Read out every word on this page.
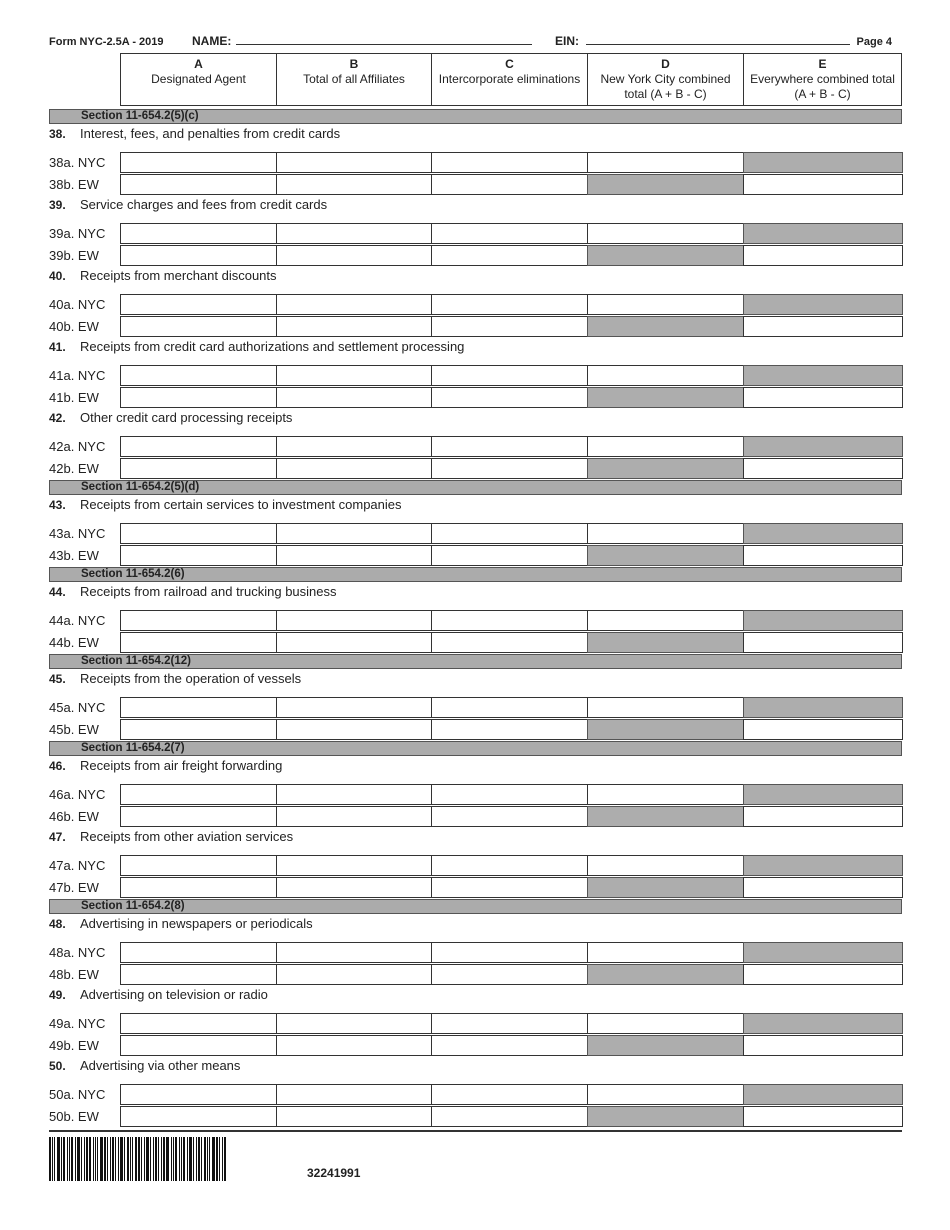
Form NYC-2.5A - 2019 NAME:	EIN:	Page 4
A
Designated Agent
B
Total of all Affiliates
C
Intercorporate eliminations
D
New York City combined total (A + B - C)
E
Everywhere combined total (A + B - C)
Section 11-654.2(5)(c)
38. Interest, fees, and penalties from credit cards
38a. NYC
38b. EW
39. Service charges and fees from credit cards
39a. NYC
39b. EW
40. Receipts from merchant discounts
40a. NYC
40b. EW
41. Receipts from credit card authorizations and settlement processing
41a. NYC
41b. EW
42. Other credit card processing receipts
42a. NYC
42b. EW
Section 11-654.2(5)(d)
43. Receipts from certain services to investment companies
43a. NYC
43b. EW
Section 11-654.2(6)
44. Receipts from railroad and trucking business
44a. NYC
44b. EW
Section 11-654.2(12)
45. Receipts from the operation of vessels
45a. NYC
45b. EW
Section 11-654.2(7)
46. Receipts from air freight forwarding
46a. NYC
46b. EW
47. Receipts from other aviation services
47a. NYC
47b. EW
Section 11-654.2(8)
48. Advertising in newspapers or periodicals
48a. NYC
48b. EW
49. Advertising on television or radio
49a. NYC
49b. EW
50. Advertising via other means
50a. NYC
50b. EW
32241991
